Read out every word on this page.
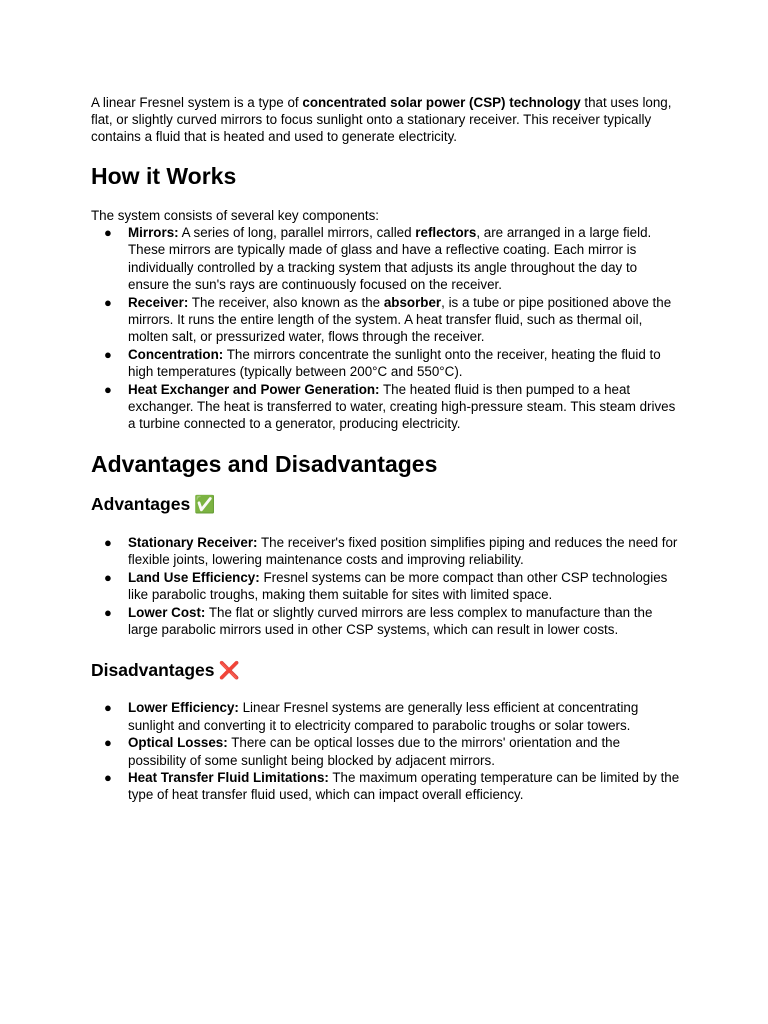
A linear Fresnel system is a type of concentrated solar power (CSP) technology that uses long, flat, or slightly curved mirrors to focus sunlight onto a stationary receiver. This receiver typically contains a fluid that is heated and used to generate electricity.

How it Works

The system consists of several key components:

● Mirrors: A series of long, parallel mirrors, called reflectors, are arranged in a large field. These mirrors are typically made of glass and have a reflective coating. Each mirror is individually controlled by a tracking system that adjusts its angle throughout the day to ensure the sun's rays are continuously focused on the receiver.
● Receiver: The receiver, also known as the absorber, is a tube or pipe positioned above the mirrors. It runs the entire length of the system. A heat transfer fluid, such as thermal oil, molten salt, or pressurized water, flows through the receiver.
● Concentration: The mirrors concentrate the sunlight onto the receiver, heating the fluid to high temperatures (typically between 200°C and 550°C).
● Heat Exchanger and Power Generation: The heated fluid is then pumped to a heat exchanger. The heat is transferred to water, creating high-pressure steam. This steam drives a turbine connected to a generator, producing electricity.
Advantages and Disadvantages
Advantages ✅
● Stationary Receiver: The receiver's fixed position simplifies piping and reduces the need for flexible joints, lowering maintenance costs and improving reliability.
● Land Use Efficiency: Fresnel systems can be more compact than other CSP technologies like parabolic troughs, making them suitable for sites with limited space.
● Lower Cost: The flat or slightly curved mirrors are less complex to manufacture than the large parabolic mirrors used in other CSP systems, which can result in lower costs.
Disadvantages ❌
● Lower Efficiency: Linear Fresnel systems are generally less efficient at concentrating sunlight and converting it to electricity compared to parabolic troughs or solar towers.
● Optical Losses: There can be optical losses due to the mirrors' orientation and the possibility of some sunlight being blocked by adjacent mirrors.
● Heat Transfer Fluid Limitations: The maximum operating temperature can be limited by the type of heat transfer fluid used, which can impact overall efficiency.
